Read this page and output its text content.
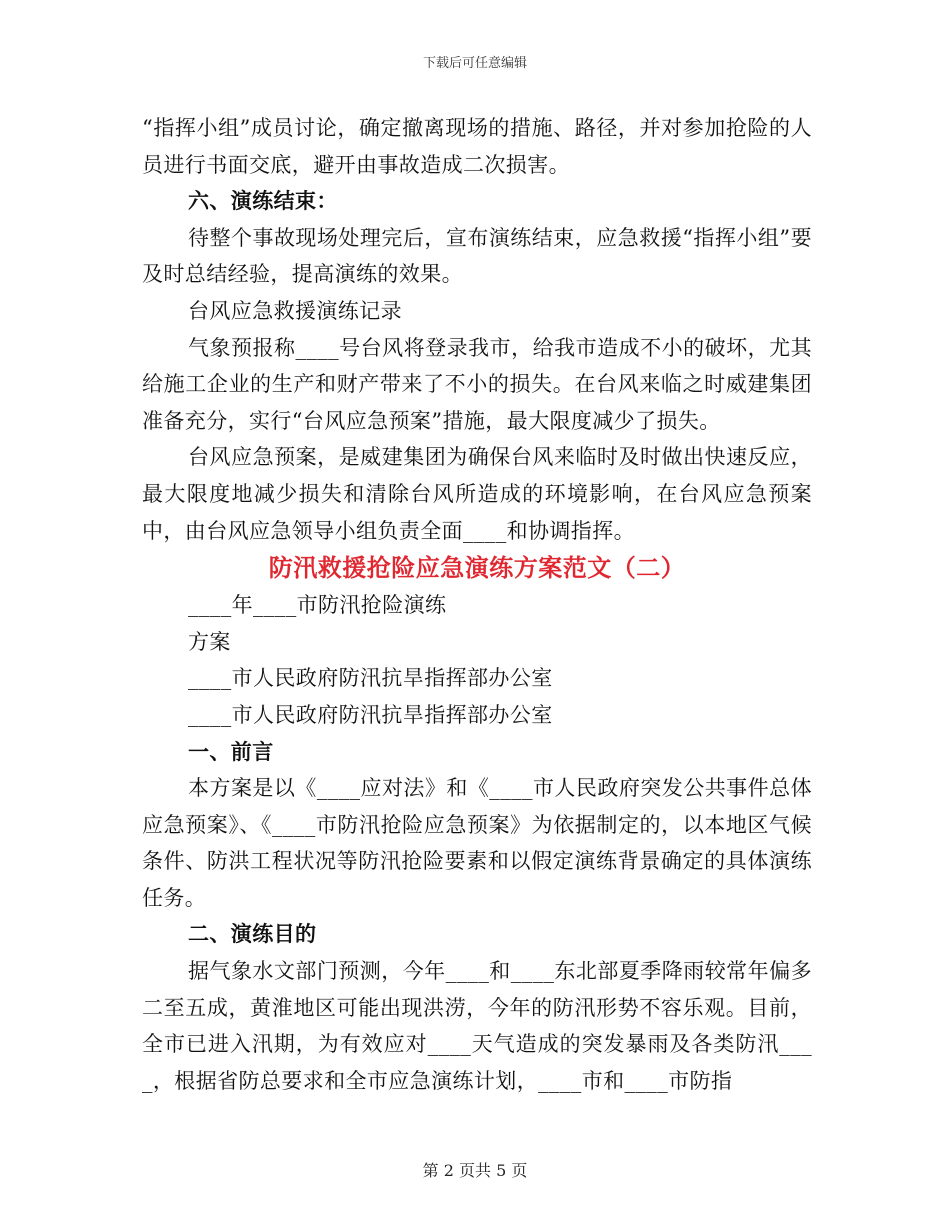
下载后可任意编辑

“指挥小组”成员讨论，确定撤离现场的措施、路径，并对参加抢险的人员进行书面交底，避开由事故造成二次损害。

六、演练结束：

待整个事故现场处理完后，宣布演练结束，应急救援“指挥小组”要及时总结经验，提高演练的效果。

台风应急救援演练记录

气象预报称____号台风将登录我市，给我市造成不小的破坏，尤其给施工企业的生产和财产带来了不小的损失。在台风来临之时威建集团准备充分，实行“台风应急预案”措施，最大限度减少了损失。

台风应急预案，是威建集团为确保台风来临时及时做出快速反应，最大限度地减少损失和清除台风所造成的环境影响，在台风应急预案中，由台风应急领导小组负责全面____和协调指挥。

防汛救援抢险应急演练方案范文（二）

____年____市防汛抢险演练

方案

____市人民政府防汛抗旱指挥部办公室

____市人民政府防汛抗旱指挥部办公室

一、前言

本方案是以《____应对法》和《____市人民政府突发公共事件总体应急预案》、《____市防汛抢险应急预案》为依据制定的，以本地区气候条件、防洪工程状况等防汛抢险要素和以假定演练背景确定的具体演练任务。

二、演练目的

据气象水文部门预测，今年____和____东北部夏季降雨较常年偏多二至五成，黄淮地区可能出现洪涝，今年的防汛形势不容乐观。目前，全市已进入汛期，为有效应对____天气造成的突发暴雨及各类防汛____，根据省防总要求和全市应急演练计划，____市和____市防指

第 2 页共 5 页
